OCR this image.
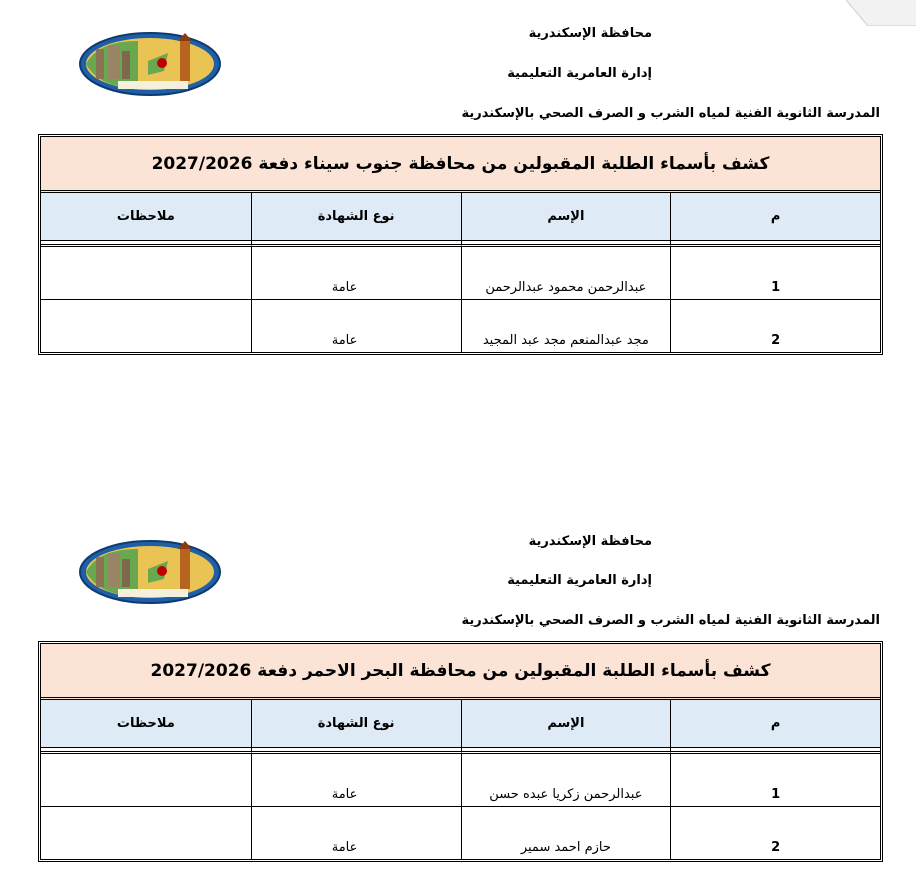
محافظة الإسكندرية
إدارة العامرية التعليمية
المدرسة الثانوية الفنية لمياه الشرب و الصرف الصحي بالإسكندرية
كشف بأسماء الطلبة المقبولين من محافظة جنوب سيناء دفعة 2027/2026			
م	الإسم	نوع الشهادة	ملاحظات

1	عبدالرحمن محمود عبدالرحمن	عامة	
2	مجد عبدالمنعم مجد عبد المجيد	عامة	
محافظة الإسكندرية
إدارة العامرية التعليمية
المدرسة الثانوية الفنية لمياه الشرب و الصرف الصحي بالإسكندرية
كشف بأسماء الطلبة المقبولين من محافظة البحر الاحمر دفعة 2027/2026			
م	الإسم	نوع الشهادة	ملاحظات

1	عبدالرحمن زكريا عبده حسن	عامة	
2	حازم احمد سمير	عامة	
